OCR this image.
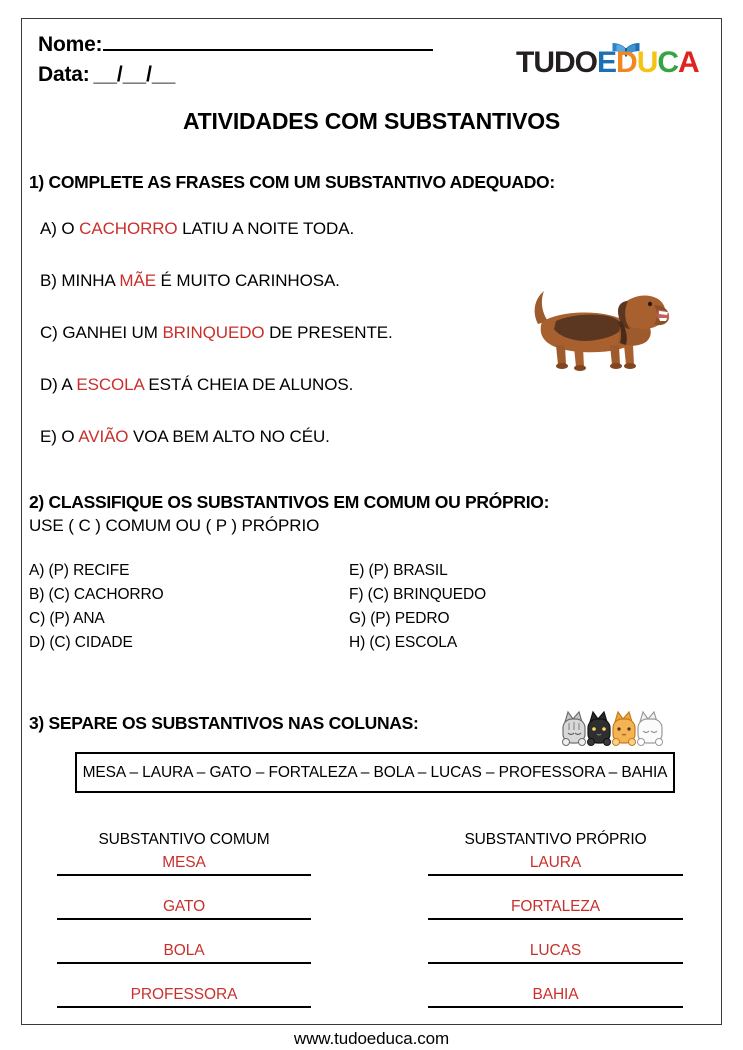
Nome:
Data: __/__/__	TUDOEDUCA
ATIVIDADES COM SUBSTANTIVOS
1) COMPLETE AS FRASES COM UM SUBSTANTIVO ADEQUADO:
A) O CACHORRO LATIU A NOITE TODA.
B) MINHA MÃE É MUITO CARINHOSA.
C) GANHEI UM BRINQUEDO DE PRESENTE.
D) A ESCOLA ESTÁ CHEIA DE ALUNOS.
E) O AVIÃO VOA BEM ALTO NO CÉU.
2) CLASSIFIQUE OS SUBSTANTIVOS EM COMUM OU PRÓPRIO:
USE ( C ) COMUM OU ( P ) PRÓPRIO
A) (P) RECIFE
B) (C) CACHORRO
C) (P) ANA
D) (C) CIDADE
E) (P) BRASIL
F) (C) BRINQUEDO
G) (P) PEDRO
H) (C) ESCOLA
3) SEPARE OS SUBSTANTIVOS NAS COLUNAS:
MESA – LAURA – GATO – FORTALEZA – BOLA – LUCAS – PROFESSORA – BAHIA
SUBSTANTIVO COMUM	SUBSTANTIVO PRÓPRIO
MESA
GATO
BOLA
PROFESSORA
LAURA
FORTALEZA
LUCAS
BAHIA
www.tudoeduca.com
